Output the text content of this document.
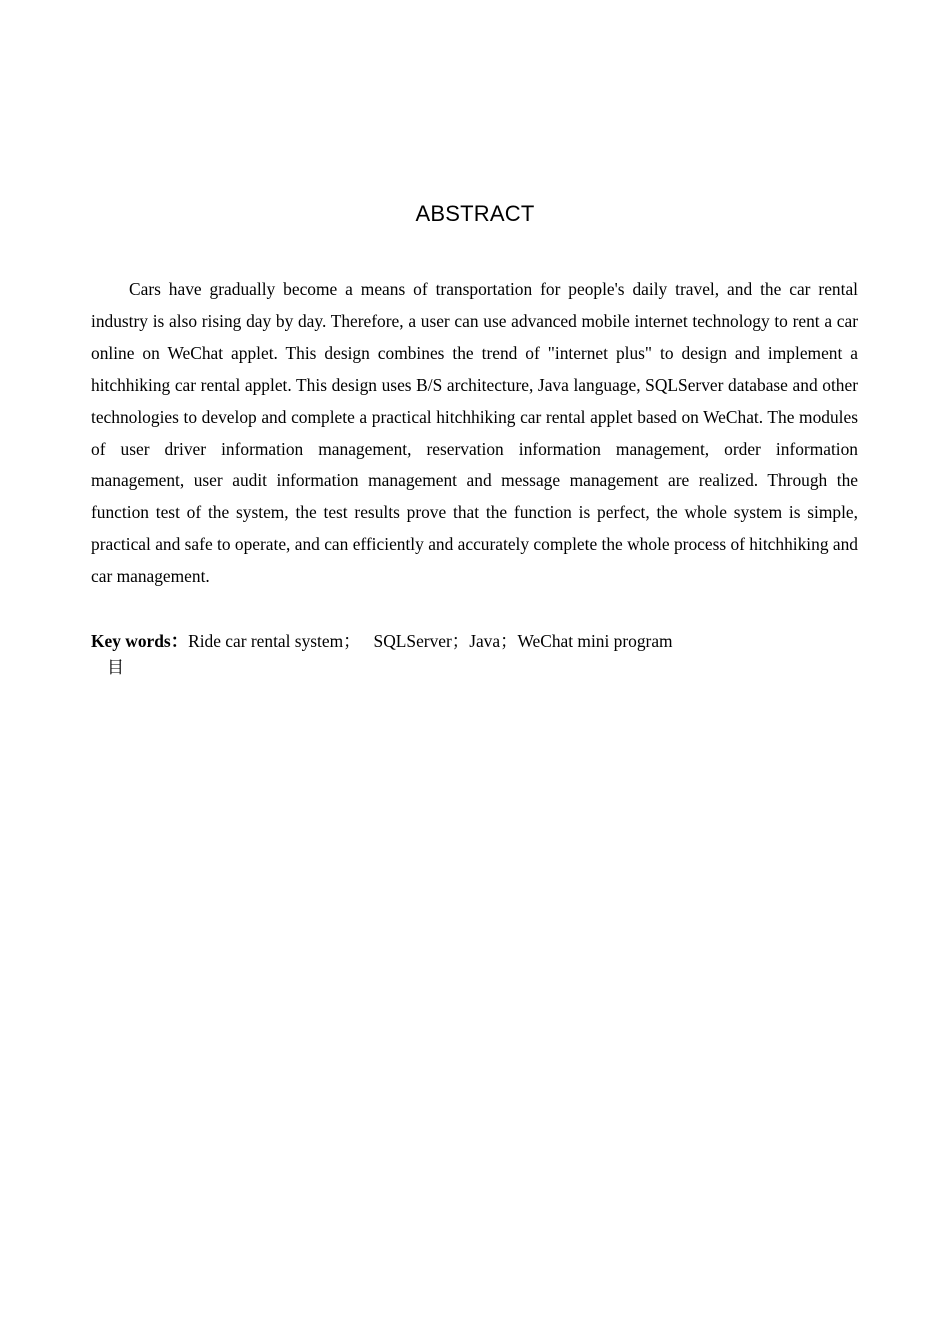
ABSTRACT

Cars have gradually become a means of transportation for people's daily travel, and the car rental industry is also rising day by day. Therefore, a user can use advanced mobile internet technology to rent a car online on WeChat applet. This design combines the trend of "internet plus" to design and implement a hitchhiking car rental applet. This design uses B/S architecture, Java language, SQLServer database and other technologies to develop and complete a practical hitchhiking car rental applet based on WeChat. The modules of user driver information management, reservation information management, order information management, user audit information management and message management are realized. Through the function test of the system, the test results prove that the function is perfect, the whole system is simple, practical and safe to operate, and can efficiently and accurately complete the whole process of hitchhiking and car management.

Key words：Ride car rental system；   SQLServer；Java；WeChat mini program
目
